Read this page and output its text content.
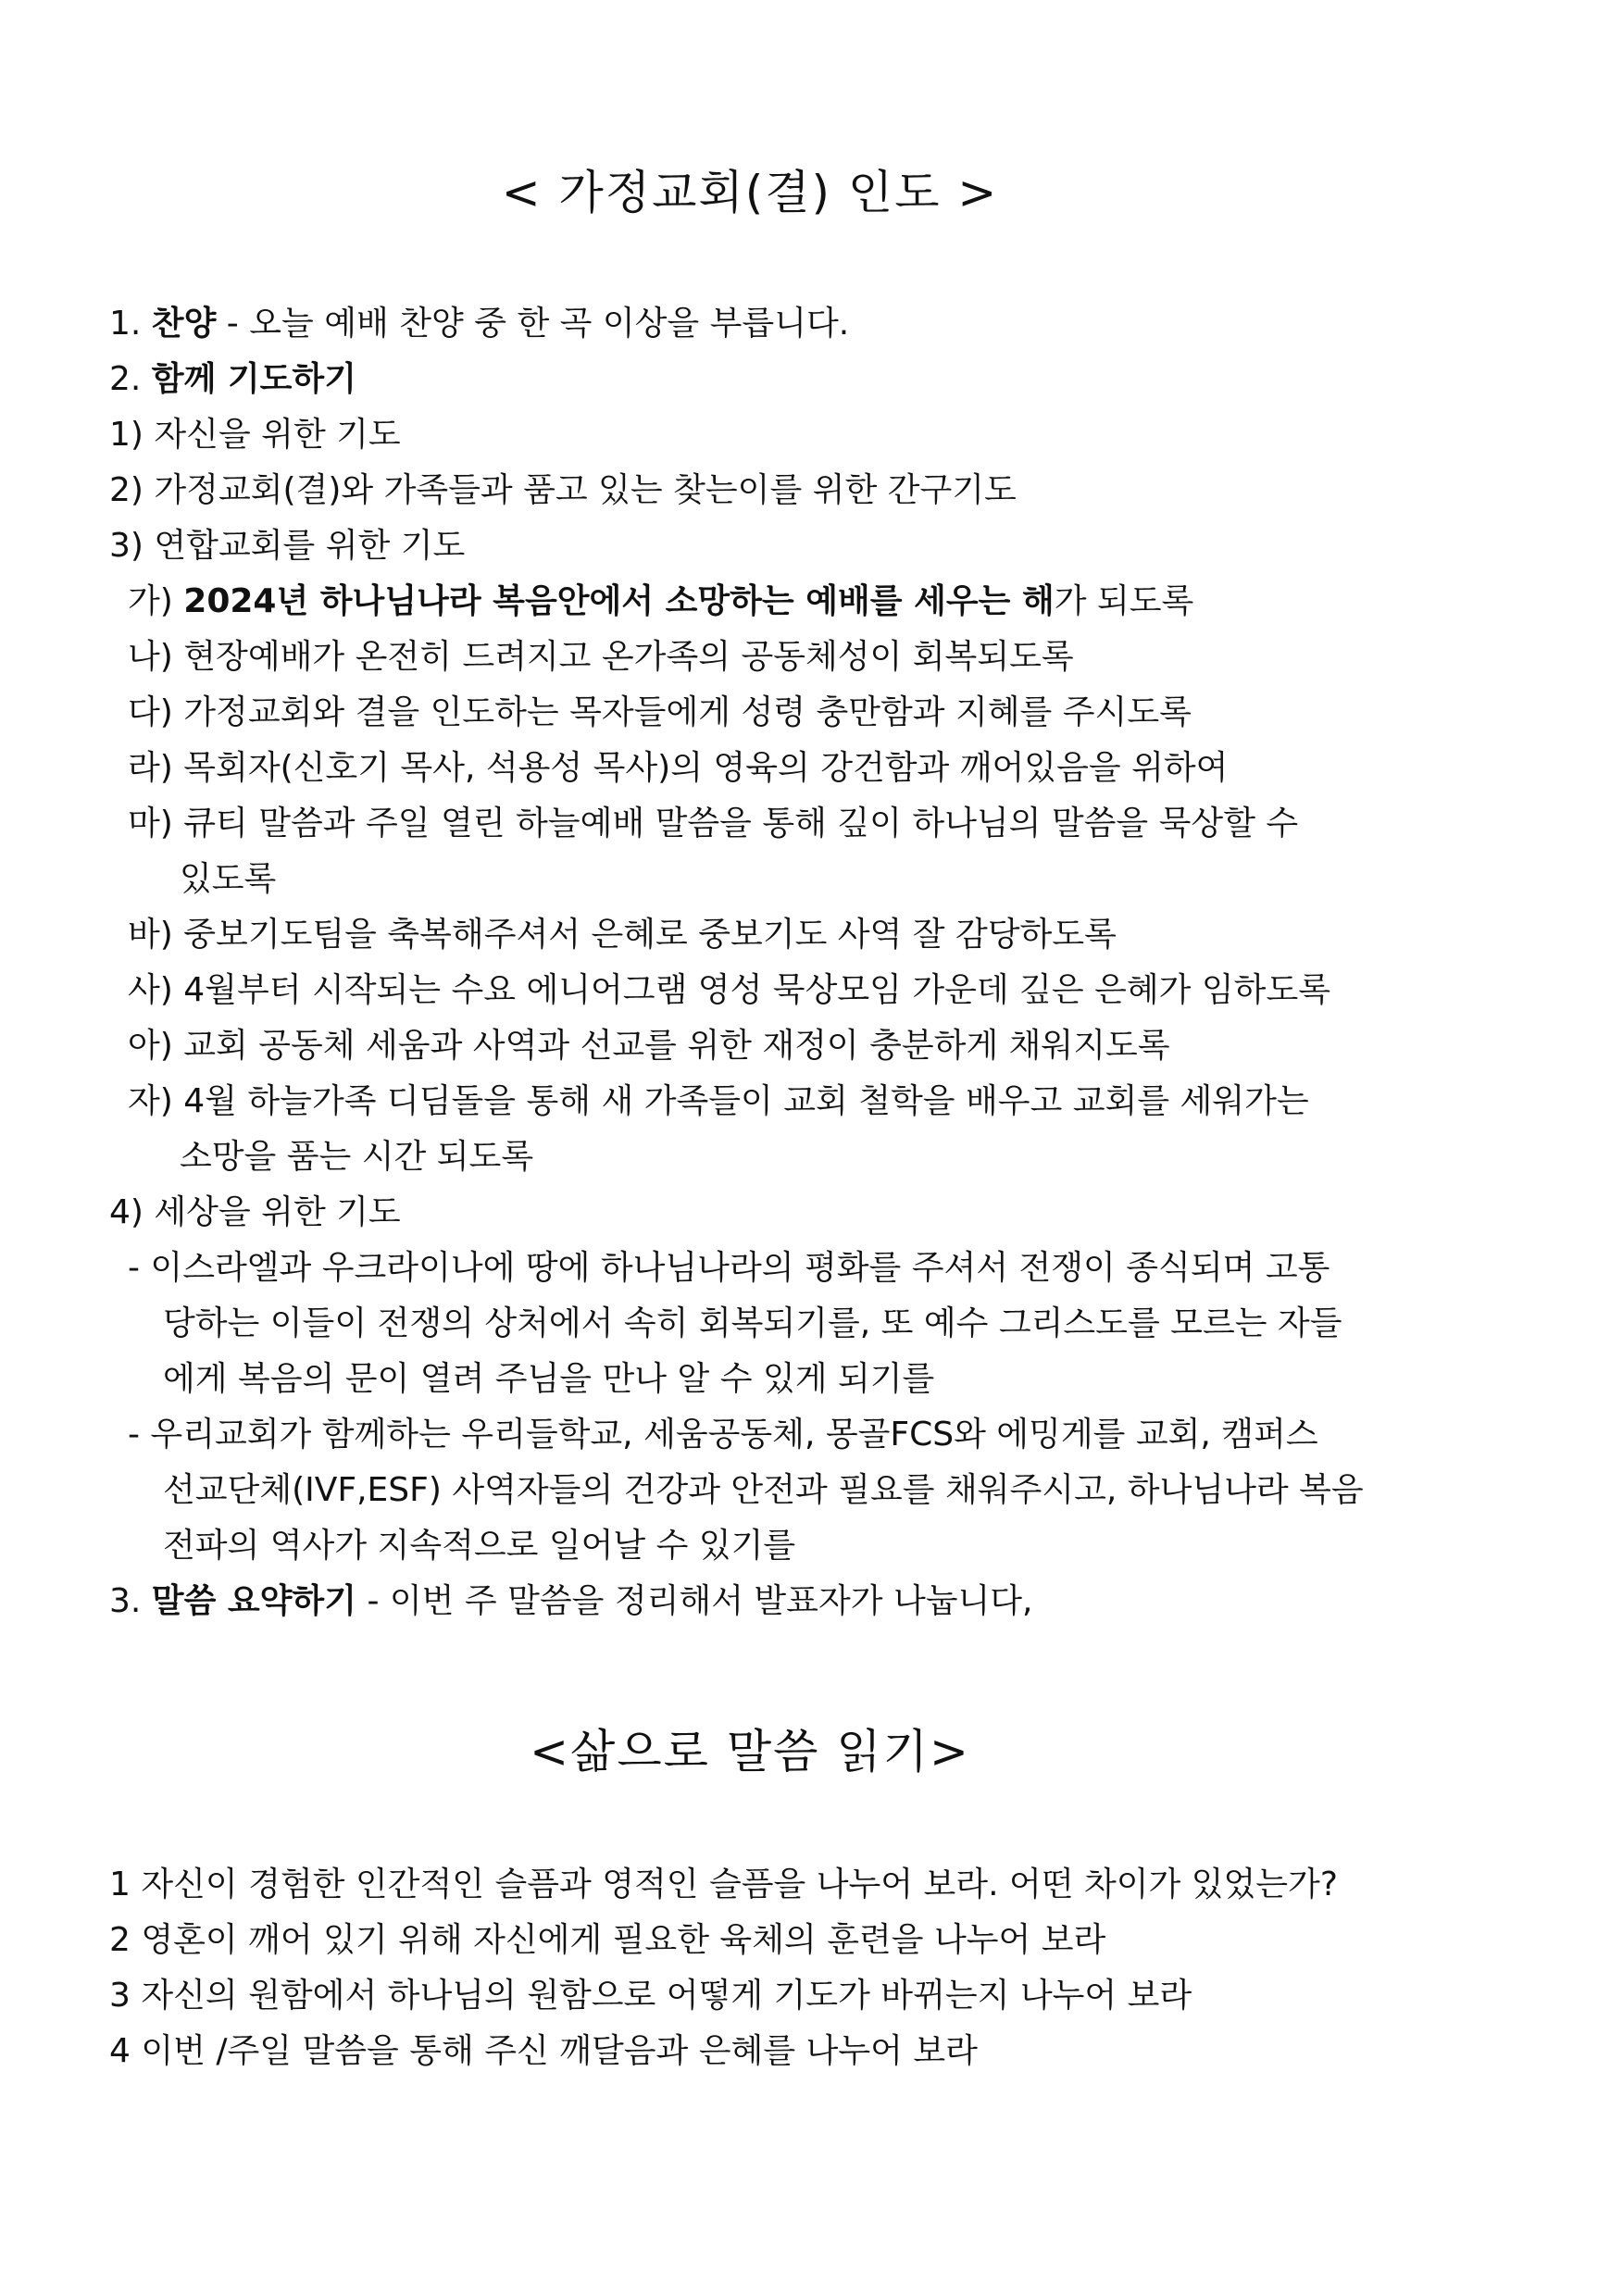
< 가정교회(결) 인도 >

1. 찬양 - 오늘 예배 찬양 중 한 곡 이상을 부릅니다.

2. 함께 기도하기

1) 자신을 위한 기도

2) 가정교회(결)와 가족들과 품고 있는 찾는이를 위한 간구기도

3) 연합교회를 위한 기도

가) 2024년 하나님나라 복음안에서 소망하는 예배를 세우는 해가 되도록

나) 현장예배가 온전히 드려지고 온가족의 공동체성이 회복되도록

다) 가정교회와 결을 인도하는 목자들에게 성령 충만함과 지혜를 주시도록

라) 목회자(신호기 목사, 석용성 목사)의 영육의 강건함과 깨어있음을 위하여

마) 큐티 말씀과 주일 열린 하늘예배 말씀을 통해 깊이 하나님의 말씀을 묵상할 수

있도록

바) 중보기도팀을 축복해주셔서 은혜로 중보기도 사역 잘 감당하도록

사) 4월부터 시작되는 수요 에니어그램 영성 묵상모임 가운데 깊은 은혜가 임하도록

아) 교회 공동체 세움과 사역과 선교를 위한 재정이 충분하게 채워지도록

자) 4월 하늘가족 디딤돌을 통해 새 가족들이 교회 철학을 배우고 교회를 세워가는

소망을 품는 시간 되도록

4) 세상을 위한 기도

- 이스라엘과 우크라이나에 땅에 하나님나라의 평화를 주셔서 전쟁이 종식되며 고통

당하는 이들이 전쟁의 상처에서 속히 회복되기를, 또 예수 그리스도를 모르는 자들

에게 복음의 문이 열려 주님을 만나 알 수 있게 되기를

- 우리교회가 함께하는 우리들학교, 세움공동체, 몽골FCS와 에밍게를 교회, 캠퍼스

선교단체(IVF,ESF) 사역자들의 건강과 안전과 필요를 채워주시고, 하나님나라 복음

전파의 역사가 지속적으로 일어날 수 있기를

3. 말씀 요약하기 - 이번 주 말씀을 정리해서 발표자가 나눕니다,

<삶으로 말씀 읽기>

1 자신이 경험한 인간적인 슬픔과 영적인 슬픔을 나누어 보라. 어떤 차이가 있었는가?

2 영혼이 깨어 있기 위해 자신에게 필요한 육체의 훈련을 나누어 보라

3 자신의 원함에서 하나님의 원함으로 어떻게 기도가 바뀌는지 나누어 보라

4 이번 /주일 말씀을 통해 주신 깨달음과 은혜를 나누어 보라
